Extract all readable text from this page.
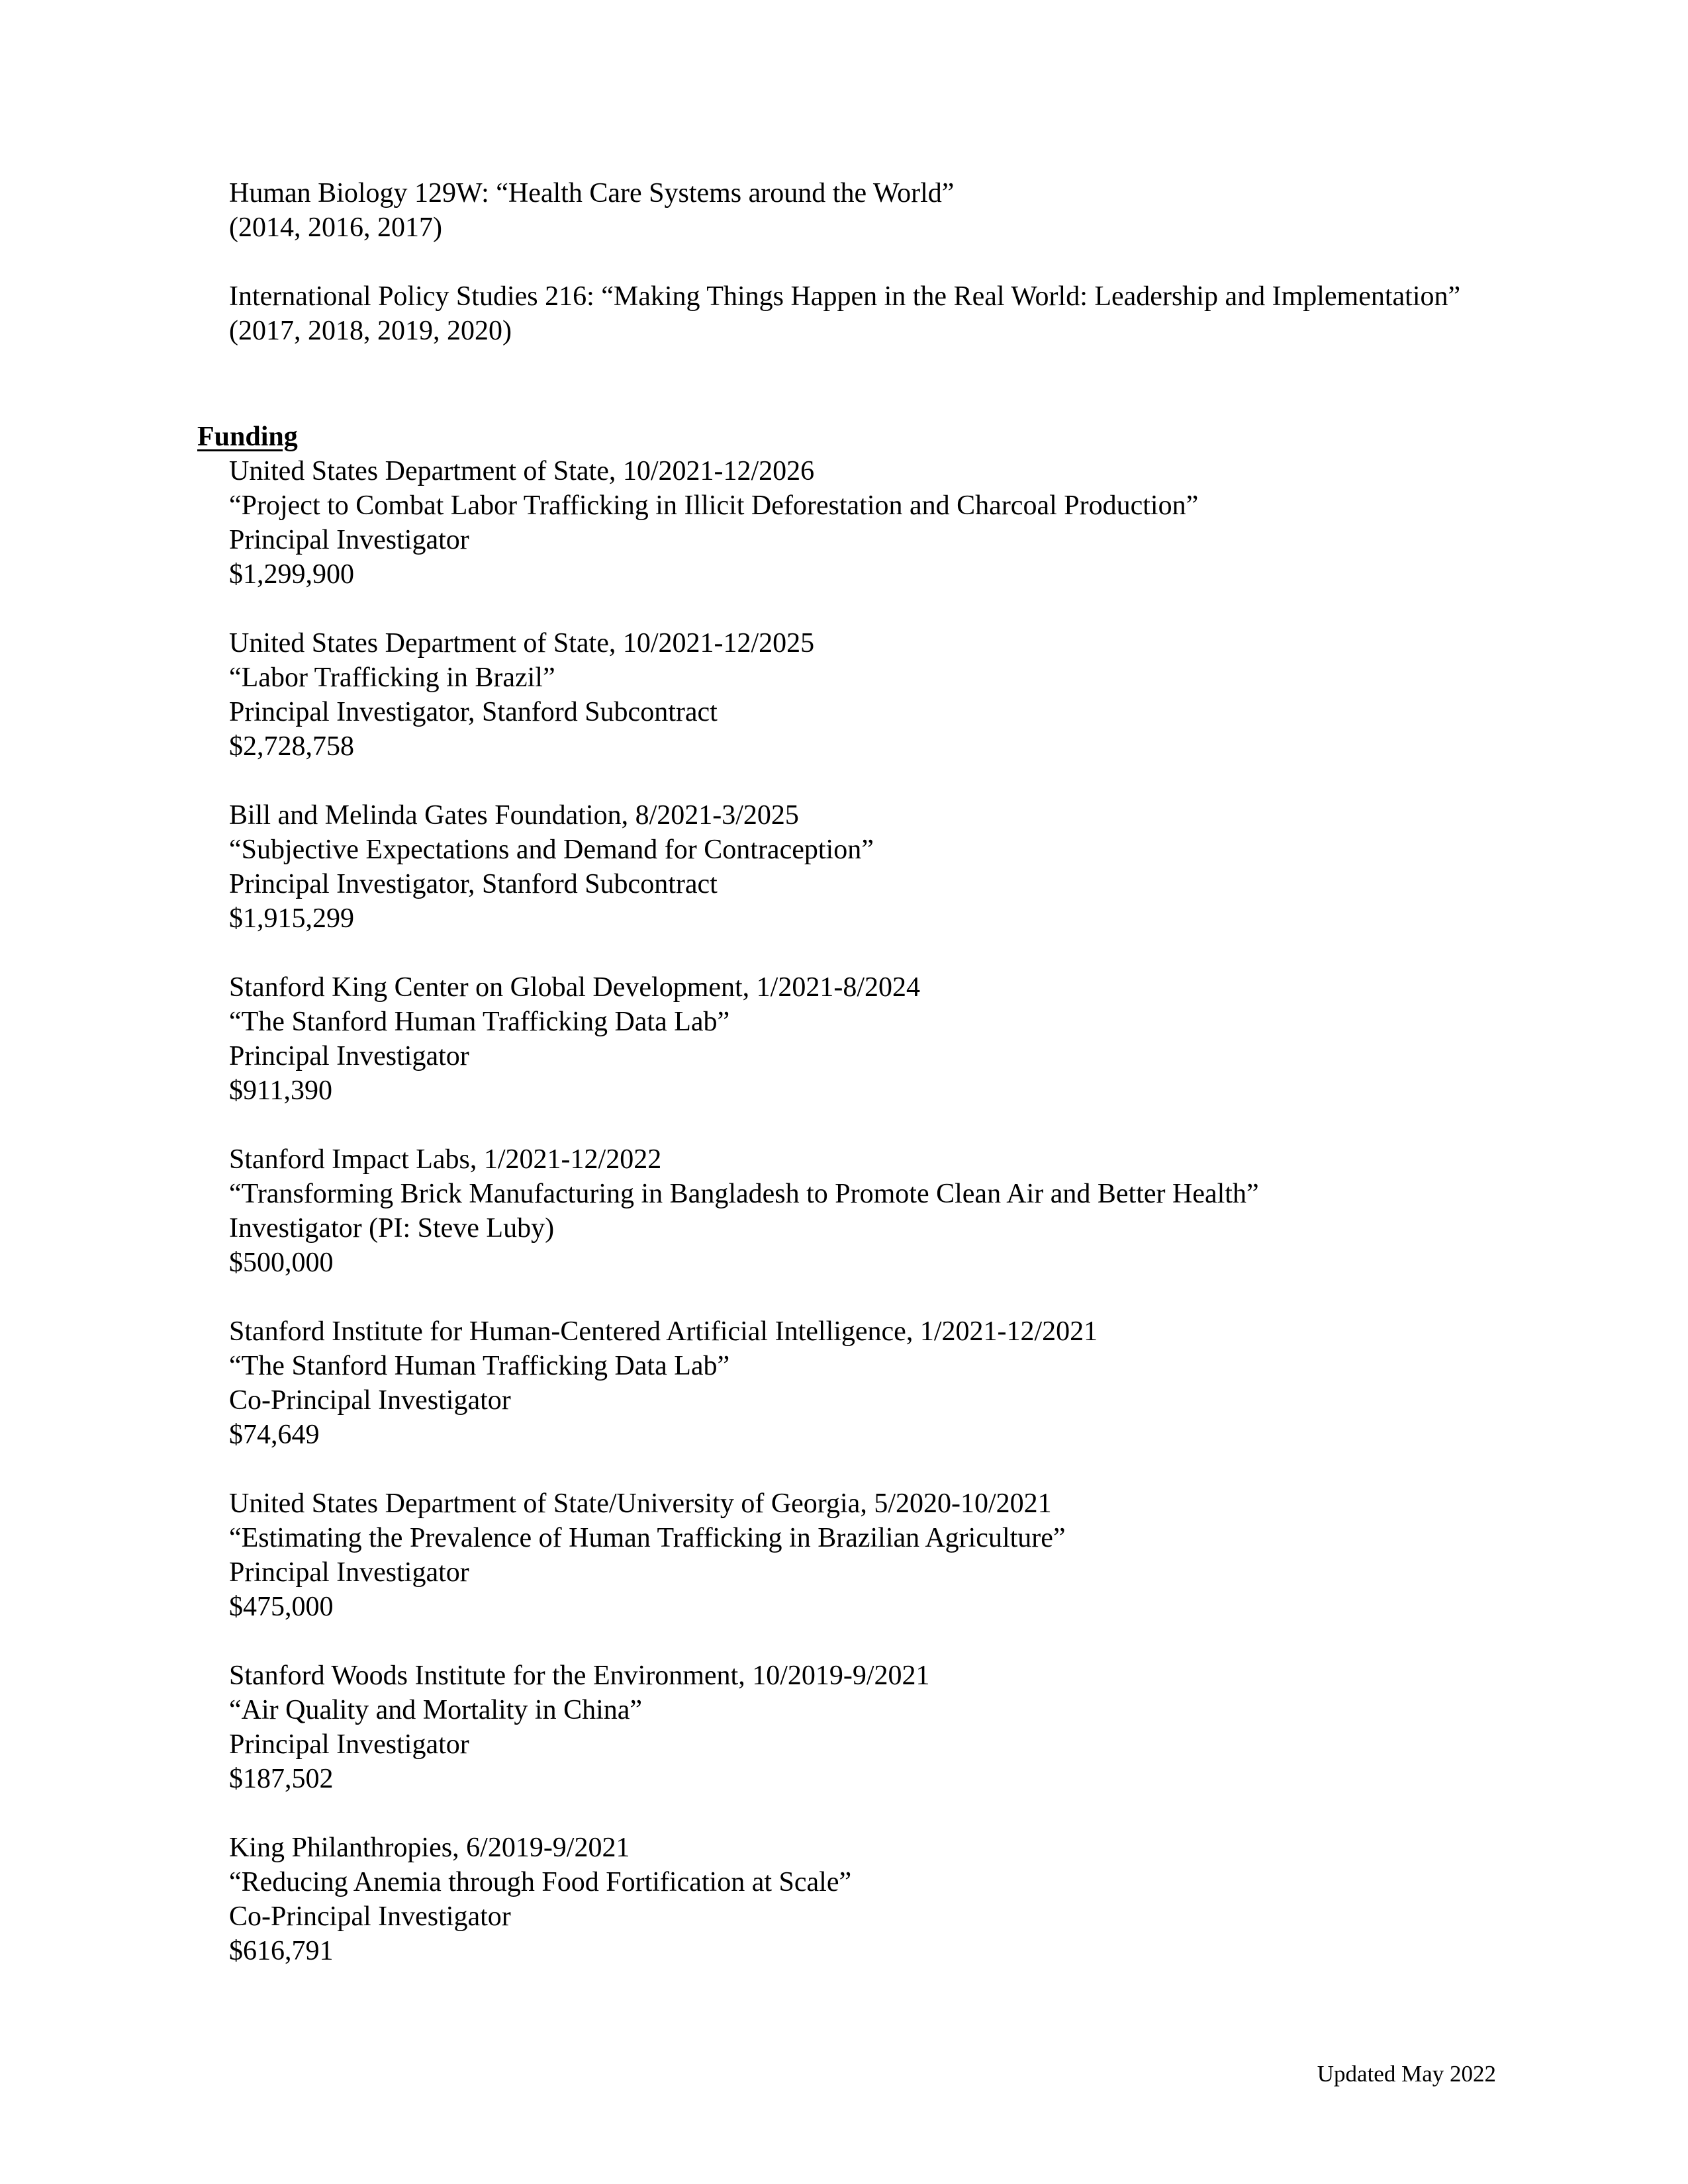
Human Biology 129W: “Health Care Systems around the World”
(2014, 2016, 2017)
International Policy Studies 216: “Making Things Happen in the Real World: Leadership and Implementation”
(2017, 2018, 2019, 2020)
Funding
United States Department of State, 10/2021-12/2026
“Project to Combat Labor Trafficking in Illicit Deforestation and Charcoal Production”
Principal Investigator
$1,299,900
United States Department of State, 10/2021-12/2025
“Labor Trafficking in Brazil”
Principal Investigator, Stanford Subcontract
$2,728,758
Bill and Melinda Gates Foundation, 8/2021-3/2025
“Subjective Expectations and Demand for Contraception”
Principal Investigator, Stanford Subcontract
$1,915,299
Stanford King Center on Global Development, 1/2021-8/2024
“The Stanford Human Trafficking Data Lab”
Principal Investigator
$911,390
Stanford Impact Labs, 1/2021-12/2022
“Transforming Brick Manufacturing in Bangladesh to Promote Clean Air and Better Health”
Investigator (PI: Steve Luby)
$500,000
Stanford Institute for Human-Centered Artificial Intelligence, 1/2021-12/2021
“The Stanford Human Trafficking Data Lab”
Co-Principal Investigator
$74,649
United States Department of State/University of Georgia, 5/2020-10/2021
“Estimating the Prevalence of Human Trafficking in Brazilian Agriculture”
Principal Investigator
$475,000
Stanford Woods Institute for the Environment, 10/2019-9/2021
“Air Quality and Mortality in China”
Principal Investigator
$187,502
King Philanthropies, 6/2019-9/2021
“Reducing Anemia through Food Fortification at Scale”
Co-Principal Investigator
$616,791
Updated May 2022
